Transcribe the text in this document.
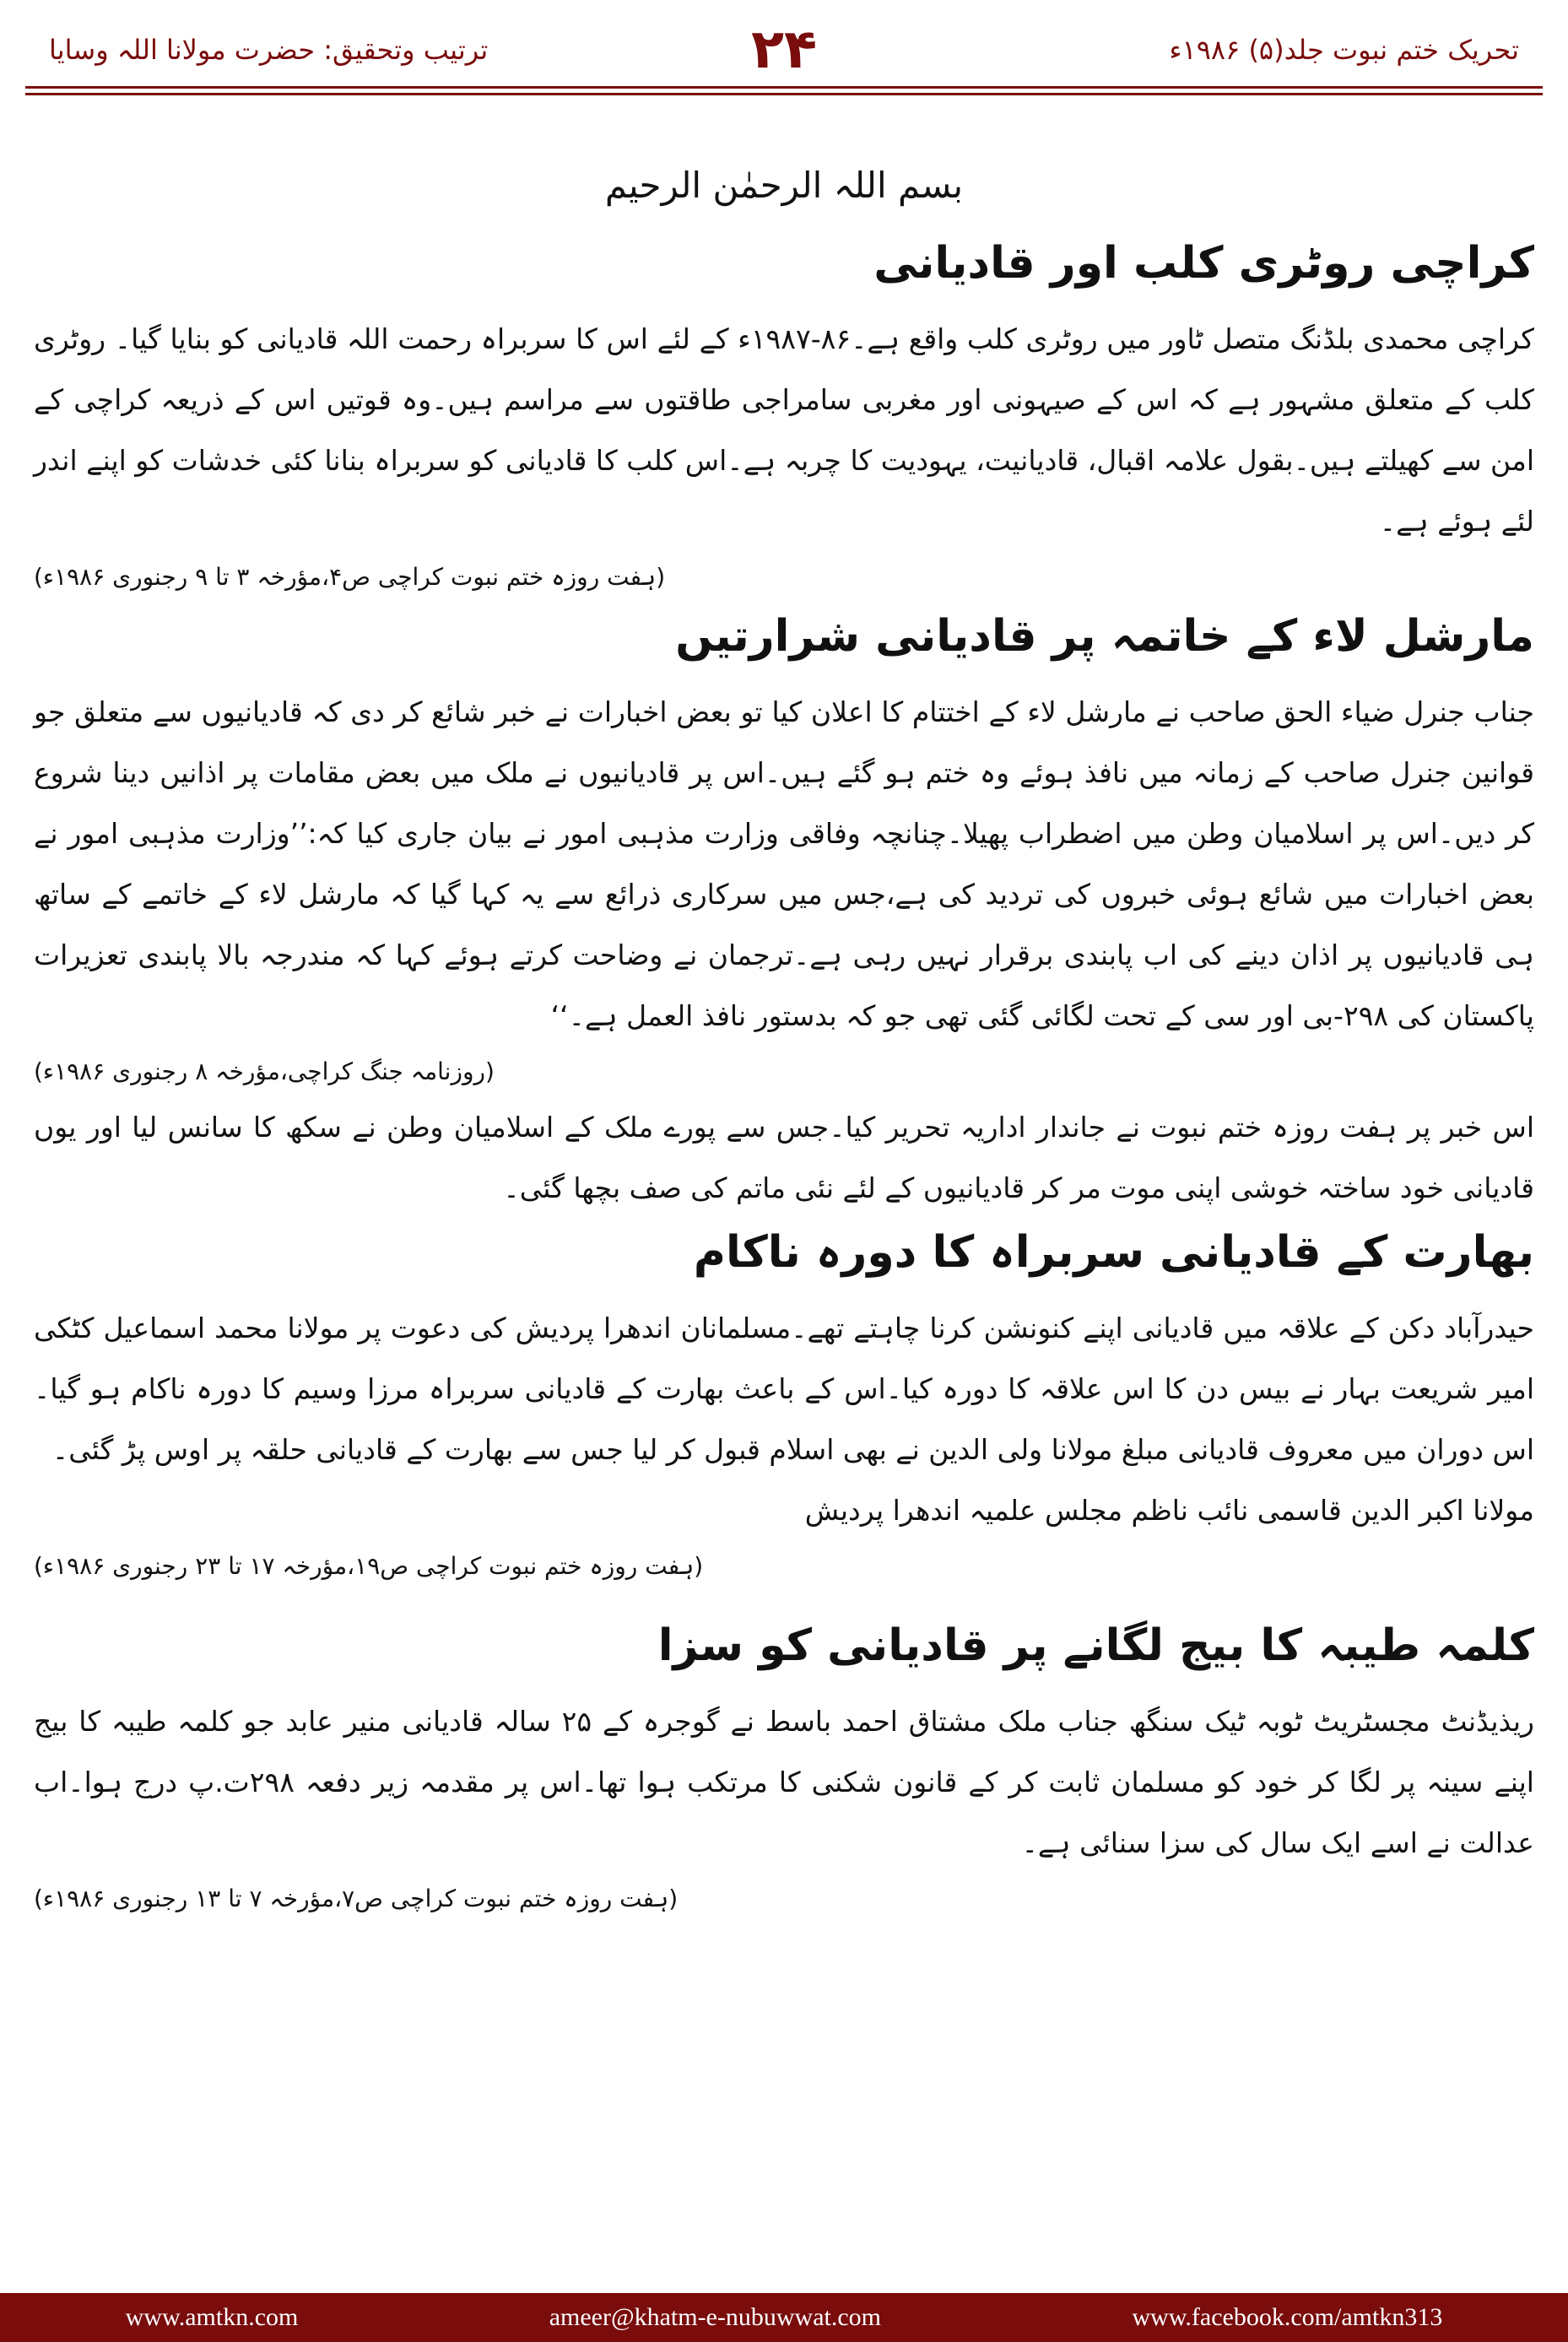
تحریک ختم نبوت جلد(۵) ۱۹۸۶ء
۲۴
ترتیب وتحقیق: حضرت مولانا اللہ وسایا
بسم اللہ الرحمٰن الرحیم
کراچی روٹری کلب اور قادیانی

کراچی محمدی بلڈنگ متصل ٹاور میں روٹری کلب واقع ہے۔۸۶-۱۹۸۷ء کے لئے اس کا سربراہ رحمت اللہ قادیانی کو بنایا گیا۔ روٹری کلب کے متعلق مشہور ہے کہ اس کے صیہونی اور مغربی سامراجی طاقتوں سے مراسم ہیں۔وہ قوتیں اس کے ذریعہ کراچی کے امن سے کھیلتے ہیں۔بقول علامہ اقبال، قادیانیت، یہودیت کا چربہ ہے۔اس کلب کا قادیانی کو سربراہ بنانا کئی خدشات کو اپنے اندر لئے ہوئے ہے۔

(ہفت روزہ ختم نبوت کراچی ص۴،مؤرخہ ۳ تا ۹ رجنوری ۱۹۸۶ء)

مارشل لاء کے خاتمہ پر قادیانی شرارتیں

جناب جنرل ضیاء الحق صاحب نے مارشل لاء کے اختتام کا اعلان کیا تو بعض اخبارات نے خبر شائع کر دی کہ قادیانیوں سے متعلق جو قوانین جنرل صاحب کے زمانہ میں نافذ ہوئے وہ ختم ہو گئے ہیں۔اس پر قادیانیوں نے ملک میں بعض مقامات پر اذانیں دینا شروع کر دیں۔اس پر اسلامیان وطن میں اضطراب پھیلا۔چنانچہ وفاقی وزارت مذہبی امور نے بیان جاری کیا کہ:’’وزارت مذہبی امور نے بعض اخبارات میں شائع ہوئی خبروں کی تردید کی ہے،جس میں سرکاری ذرائع سے یہ کہا گیا کہ مارشل لاء کے خاتمے کے ساتھ ہی قادیانیوں پر اذان دینے کی اب پابندی برقرار نہیں رہی ہے۔ترجمان نے وضاحت کرتے ہوئے کہا کہ مندرجہ بالا پابندی تعزیرات پاکستان کی ۲۹۸-بی اور سی کے تحت لگائی گئی تھی جو کہ بدستور نافذ العمل ہے۔‘‘

(روزنامہ جنگ کراچی،مؤرخہ ۸ رجنوری ۱۹۸۶ء)

اس خبر پر ہفت روزہ ختم نبوت نے جاندار اداریہ تحریر کیا۔جس سے پورے ملک کے اسلامیان وطن نے سکھ کا سانس لیا اور یوں قادیانی خود ساختہ خوشی اپنی موت مر کر قادیانیوں کے لئے نئی ماتم کی صف بچھا گئی۔

بھارت کے قادیانی سربراہ کا دورہ ناکام

حیدرآباد دکن کے علاقہ میں قادیانی اپنے کنونشن کرنا چاہتے تھے۔مسلمانان اندھرا پردیش کی دعوت پر مولانا محمد اسماعیل کٹکی امیر شریعت بہار نے بیس دن کا اس علاقہ کا دورہ کیا۔اس کے باعث بھارت کے قادیانی سربراہ مرزا وسیم کا دورہ ناکام ہو گیا۔اس دوران میں معروف قادیانی مبلغ مولانا ولی الدین نے بھی اسلام قبول کر لیا جس سے بھارت کے قادیانی حلقہ پر اوس پڑ گئی۔

مولانا اکبر الدین قاسمی نائب ناظم مجلس علمیہ اندھرا پردیش

(ہفت روزہ ختم نبوت کراچی ص۱۹،مؤرخہ ۱۷ تا ۲۳ رجنوری ۱۹۸۶ء)

کلمہ طیبہ کا بیج لگانے پر قادیانی کو سزا

ریذیڈنٹ مجسٹریٹ ٹوبہ ٹیک سنگھ جناب ملک مشتاق احمد باسط نے گوجرہ کے ۲۵ سالہ قادیانی منیر عابد جو کلمہ طیبہ کا بیج اپنے سینہ پر لگا کر خود کو مسلمان ثابت کر کے قانون شکنی کا مرتکب ہوا تھا۔اس پر مقدمہ زیر دفعہ ۲۹۸ت.پ درج ہوا۔اب عدالت نے اسے ایک سال کی سزا سنائی ہے۔

(ہفت روزہ ختم نبوت کراچی ص۷،مؤرخہ ۷ تا ۱۳ رجنوری ۱۹۸۶ء)

www.amtkn.com	ameer@khatm-e-nubuwwat.com	www.facebook.com/amtkn313
